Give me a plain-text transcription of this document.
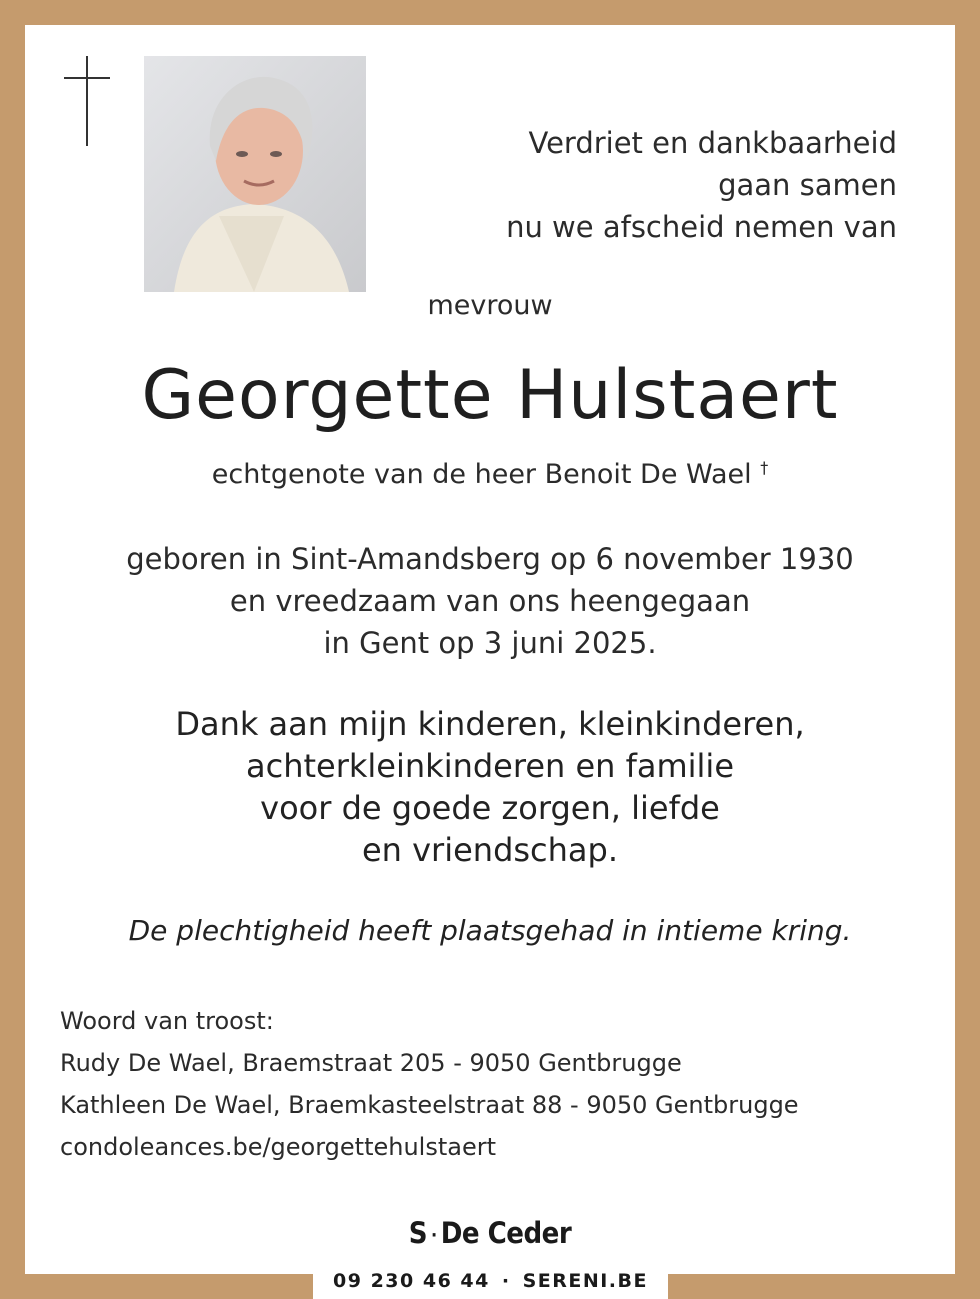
Verdriet en dankbaarheid
gaan samen
nu we afscheid nemen van
mevrouw
Georgette Hulstaert
echtgenote van de heer Benoit De Wael †
geboren in Sint-Amandsberg op 6 november 1930
en vreedzaam van ons heengegaan
in Gent op 3 juni 2025.
Dank aan mijn kinderen, kleinkinderen,
achterkleinkinderen en familie
voor de goede zorgen, liefde
en vriendschap.
De plechtigheid heeft plaatsgehad in intieme kring.
Woord van troost:
Rudy De Wael, Braemstraat 205 - 9050 Gentbrugge
Kathleen De Wael, Braemkasteelstraat 88 - 9050 Gentbrugge
condoleances.be/georgettehulstaert
S · De Ceder
09 230 46 44 · SERENI.BE
